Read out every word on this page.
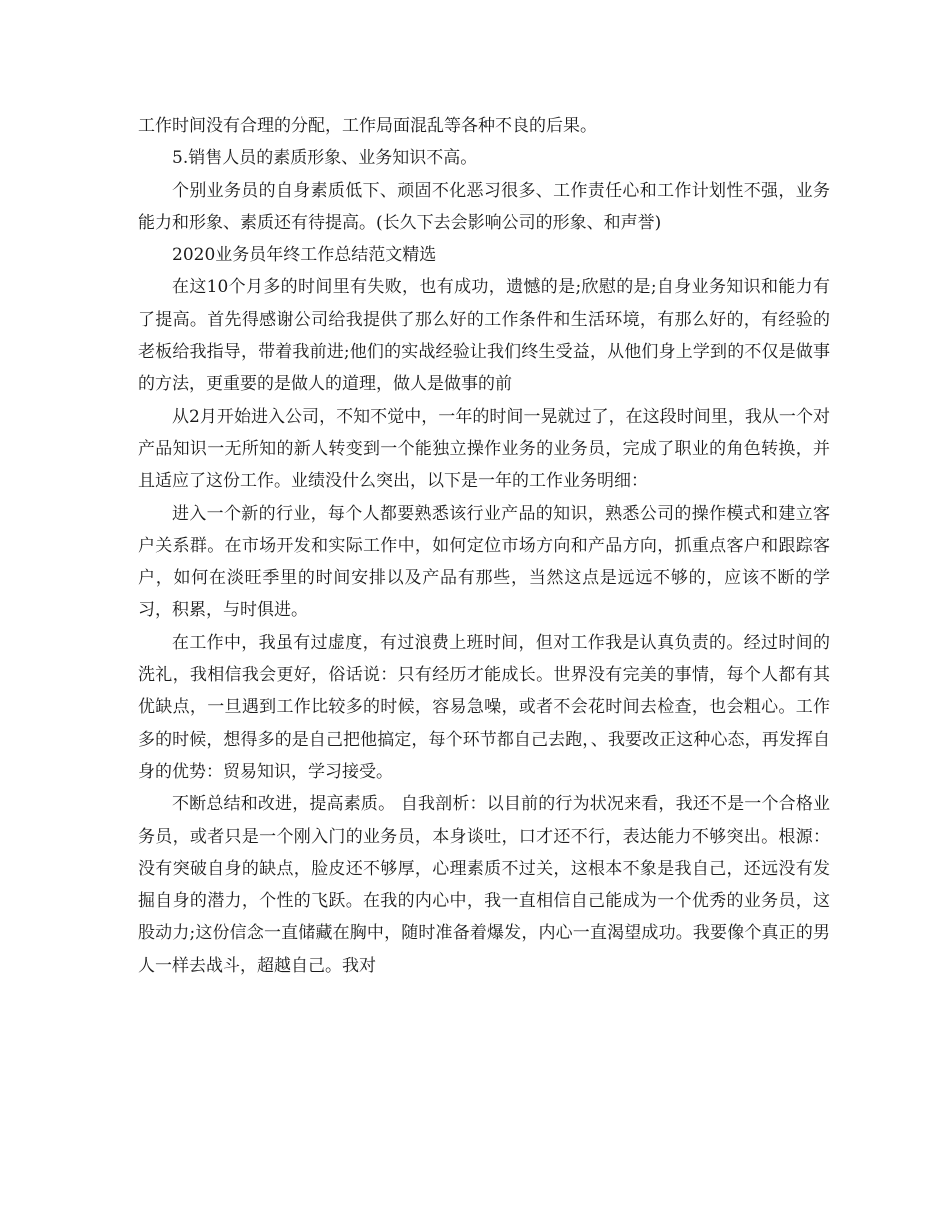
工作时间没有合理的分配，工作局面混乱等各种不良的后果。

5.销售人员的素质形象、业务知识不高。

个别业务员的自身素质低下、顽固不化恶习很多、工作责任心和工作计划性不强，业务能力和形象、素质还有待提高。(长久下去会影响公司的形象、和声誉)

2020业务员年终工作总结范文精选

在这10个月多的时间里有失败，也有成功，遗憾的是;欣慰的是;自身业务知识和能力有了提高。首先得感谢公司给我提供了那么好的工作条件和生活环境，有那么好的，有经验的老板给我指导，带着我前进;他们的实战经验让我们终生受益，从他们身上学到的不仅是做事的方法，更重要的是做人的道理，做人是做事的前

从2月开始进入公司，不知不觉中，一年的时间一晃就过了，在这段时间里，我从一个对产品知识一无所知的新人转变到一个能独立操作业务的业务员，完成了职业的角色转换，并且适应了这份工作。业绩没什么突出，以下是一年的工作业务明细：

进入一个新的行业，每个人都要熟悉该行业产品的知识，熟悉公司的操作模式和建立客户关系群。在市场开发和实际工作中，如何定位市场方向和产品方向，抓重点客户和跟踪客户，如何在淡旺季里的时间安排以及产品有那些，当然这点是远远不够的，应该不断的学习，积累，与时俱进。

在工作中，我虽有过虚度，有过浪费上班时间，但对工作我是认真负责的。经过时间的洗礼，我相信我会更好，俗话说：只有经历才能成长。世界没有完美的事情，每个人都有其优缺点，一旦遇到工作比较多的时候，容易急噪，或者不会花时间去检查，也会粗心。工作多的时候，想得多的是自己把他搞定，每个环节都自己去跑，、我要改正这种心态，再发挥自身的优势：贸易知识，学习接受。

不断总结和改进，提高素质。 自我剖析：以目前的行为状况来看，我还不是一个合格业务员，或者只是一个刚入门的业务员，本身谈吐，口才还不行，表达能力不够突出。根源：没有突破自身的缺点，脸皮还不够厚，心理素质不过关，这根本不象是我自己，还远没有发掘自身的潜力，个性的飞跃。在我的内心中，我一直相信自己能成为一个优秀的业务员，这股动力;这份信念一直储藏在胸中，随时准备着爆发，内心一直渴望成功。我要像个真正的男人一样去战斗，超越自己。我对
